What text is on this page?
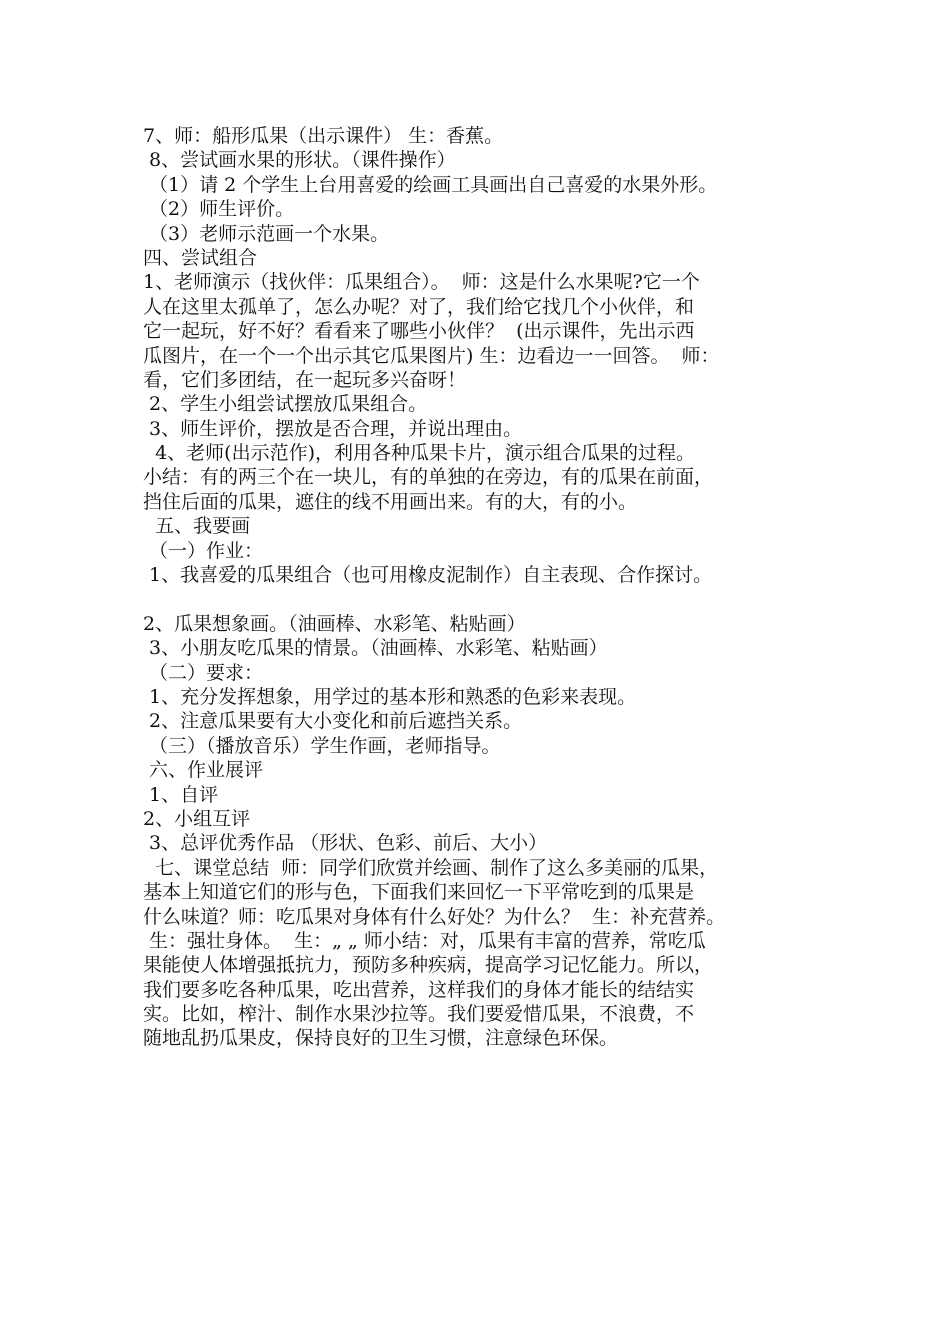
7、师：船形瓜果（出示课件） 生：香蕉。
8、尝试画水果的形状。（课件操作）
（1）请 2 个学生上台用喜爱的绘画工具画出自己喜爱的水果外形。
（2）师生评价。
（3）老师示范画一个水果。
四、尝试组合
1、老师演示（找伙伴：瓜果组合）。  师：这是什么水果呢?它一个
人在这里太孤单了，怎么办呢？对了，我们给它找几个小伙伴，和
它一起玩，好不好？看看来了哪些小伙伴？  (出示课件，先出示西
瓜图片，在一个一个出示其它瓜果图片) 生：边看边一一回答。  师：
看，它们多团结，在一起玩多兴奋呀！
2、学生小组尝试摆放瓜果组合。
3、师生评价，摆放是否合理，并说出理由。
4、老师(出示范作)，利用各种瓜果卡片，演示组合瓜果的过程。
小结：有的两三个在一块儿，有的单独的在旁边，有的瓜果在前面，
挡住后面的瓜果，遮住的线不用画出来。有的大，有的小。
五、我要画
（一）作业：
1、我喜爱的瓜果组合（也可用橡皮泥制作）自主表现、合作探讨。
2、瓜果想象画。（油画棒、水彩笔、粘贴画）
3、小朋友吃瓜果的情景。（油画棒、水彩笔、粘贴画）
（二）要求：
1、充分发挥想象，用学过的基本形和熟悉的色彩来表现。
2、注意瓜果要有大小变化和前后遮挡关系。
（三）（播放音乐）学生作画，老师指导。
六、作业展评
1、自评
2、小组互评
3、总评优秀作品 （形状、色彩、前后、大小）
七、课堂总结  师：同学们欣赏并绘画、制作了这么多美丽的瓜果，
基本上知道它们的形与色，下面我们来回忆一下平常吃到的瓜果是
什么味道？师：吃瓜果对身体有什么好处？为什么？  生：补充营养。
生：强壮身体。  生：„ „ 师小结：对，瓜果有丰富的营养，常吃瓜
果能使人体增强抵抗力，预防多种疾病，提高学习记忆能力。所以，
我们要多吃各种瓜果，吃出营养，这样我们的身体才能长的结结实
实。比如，榨汁、制作水果沙拉等。我们要爱惜瓜果，不浪费，不
随地乱扔瓜果皮，保持良好的卫生习惯，注意绿色环保。
